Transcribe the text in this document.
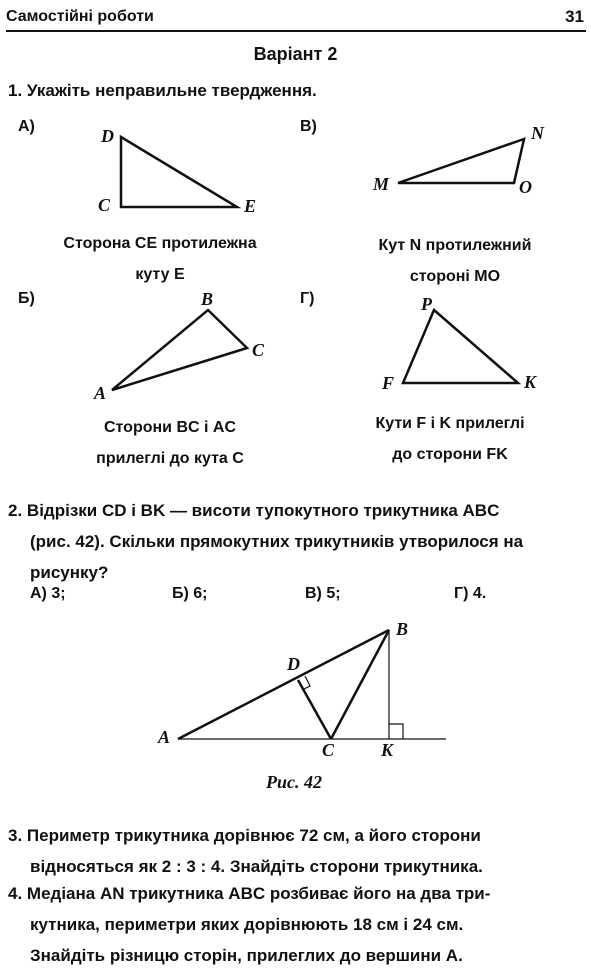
Самостійні роботи	31
Варіант 2
1. Укажіть неправильне твердження.
А)	В)
Б)	Г)
D
C	E
N
M	O
B
C
A
P
F	K
Сторона CE протилежна
куту E
Кут N протилежний
стороні MO
Сторони BC і AC
прилеглі до кута C
Кути F і K прилеглі
до сторони FK
2. Відрізки CD і BK — висоти тупокутного трикутника ABC
(рис. 42). Скільки прямокутних трикутників утворилося на
рисунку?
А) 3;	Б) 6;	В) 5;	Г) 4.
B
D
A
C	K
Рис. 42
3. Периметр трикутника дорівнює 72 см, а його сторони
відносяться як 2 : 3 : 4. Знайдіть сторони трикутника.
4. Медіана AN трикутника ABC розбиває його на два три-
кутника, периметри яких дорівнюють 18 см і 24 см.
Знайдіть різницю сторін, прилеглих до вершини A.
